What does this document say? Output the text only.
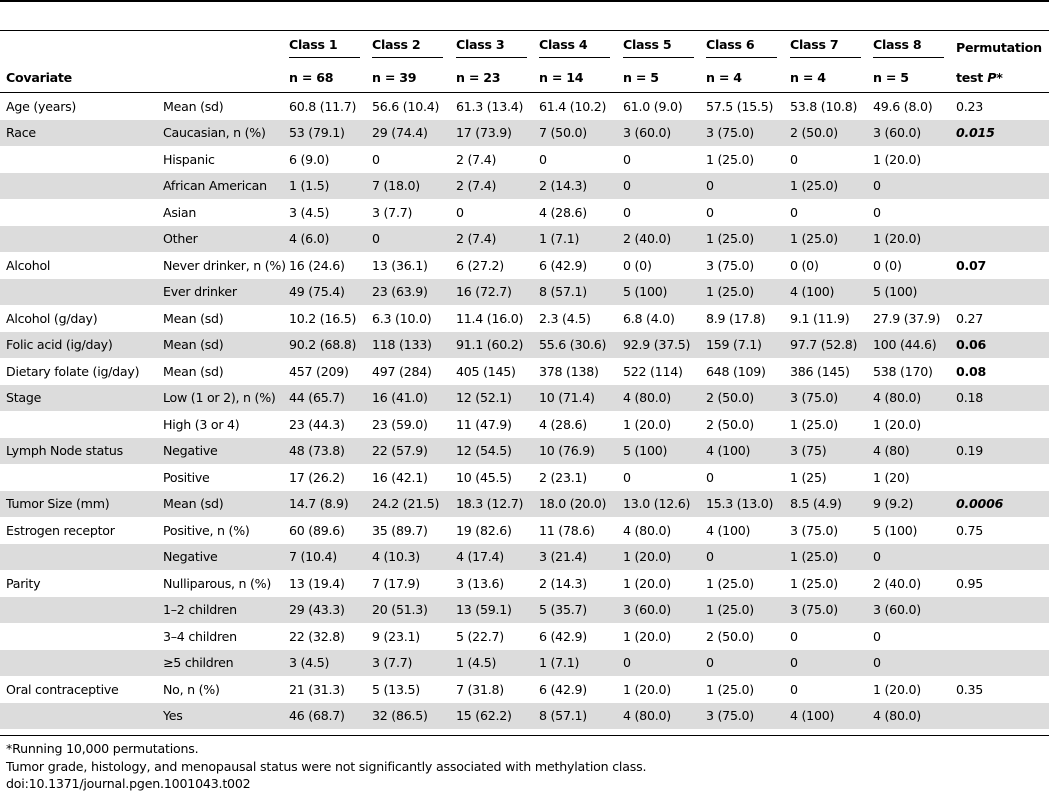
		Class 1	Class 2	Class 3	Class 4	Class 5	Class 6	Class 7	Class 8	Permutation
Covariate		n = 68	n = 39	n = 23	n = 14	n = 5	n = 4	n = 4	n = 5	test P*
Age (years)	Mean (sd)	60.8 (11.7)	56.6 (10.4)	61.3 (13.4)	61.4 (10.2)	61.0 (9.0)	57.5 (15.5)	53.8 (10.8)	49.6 (8.0)	0.23
Race	Caucasian, n (%)	53 (79.1)	29 (74.4)	17 (73.9)	7 (50.0)	3 (60.0)	3 (75.0)	2 (50.0)	3 (60.0)	0.015
	Hispanic	6 (9.0)	0	2 (7.4)	0	0	1 (25.0)	0	1 (20.0)	
	African American	1 (1.5)	7 (18.0)	2 (7.4)	2 (14.3)	0	0	1 (25.0)	0	
	Asian	3 (4.5)	3 (7.7)	0	4 (28.6)	0	0	0	0	
	Other	4 (6.0)	0	2 (7.4)	1 (7.1)	2 (40.0)	1 (25.0)	1 (25.0)	1 (20.0)	
Alcohol	Never drinker, n (%)	16 (24.6)	13 (36.1)	6 (27.2)	6 (42.9)	0 (0)	3 (75.0)	0 (0)	0 (0)	0.07
	Ever drinker	49 (75.4)	23 (63.9)	16 (72.7)	8 (57.1)	5 (100)	1 (25.0)	4 (100)	5 (100)	
Alcohol (g/day)	Mean (sd)	10.2 (16.5)	6.3 (10.0)	11.4 (16.0)	2.3 (4.5)	6.8 (4.0)	8.9 (17.8)	9.1 (11.9)	27.9 (37.9)	0.27
Folic acid (ig/day)	Mean (sd)	90.2 (68.8)	118 (133)	91.1 (60.2)	55.6 (30.6)	92.9 (37.5)	159 (7.1)	97.7 (52.8)	100 (44.6)	0.06
Dietary folate (ig/day)	Mean (sd)	457 (209)	497 (284)	405 (145)	378 (138)	522 (114)	648 (109)	386 (145)	538 (170)	0.08
Stage	Low (1 or 2), n (%)	44 (65.7)	16 (41.0)	12 (52.1)	10 (71.4)	4 (80.0)	2 (50.0)	3 (75.0)	4 (80.0)	0.18
	High (3 or 4)	23 (44.3)	23 (59.0)	11 (47.9)	4 (28.6)	1 (20.0)	2 (50.0)	1 (25.0)	1 (20.0)	
Lymph Node status	Negative	48 (73.8)	22 (57.9)	12 (54.5)	10 (76.9)	5 (100)	4 (100)	3 (75)	4 (80)	0.19
	Positive	17 (26.2)	16 (42.1)	10 (45.5)	2 (23.1)	0	0	1 (25)	1 (20)	
Tumor Size (mm)	Mean (sd)	14.7 (8.9)	24.2 (21.5)	18.3 (12.7)	18.0 (20.0)	13.0 (12.6)	15.3 (13.0)	8.5 (4.9)	9 (9.2)	0.0006
Estrogen receptor	Positive, n (%)	60 (89.6)	35 (89.7)	19 (82.6)	11 (78.6)	4 (80.0)	4 (100)	3 (75.0)	5 (100)	0.75
	Negative	7 (10.4)	4 (10.3)	4 (17.4)	3 (21.4)	1 (20.0)	0	1 (25.0)	0	
Parity	Nulliparous, n (%)	13 (19.4)	7 (17.9)	3 (13.6)	2 (14.3)	1 (20.0)	1 (25.0)	1 (25.0)	2 (40.0)	0.95
	1–2 children	29 (43.3)	20 (51.3)	13 (59.1)	5 (35.7)	3 (60.0)	1 (25.0)	3 (75.0)	3 (60.0)	
	3–4 children	22 (32.8)	9 (23.1)	5 (22.7)	6 (42.9)	1 (20.0)	2 (50.0)	0	0	
	≥5 children	3 (4.5)	3 (7.7)	1 (4.5)	1 (7.1)	0	0	0	0	
Oral contraceptive	No, n (%)	21 (31.3)	5 (13.5)	7 (31.8)	6 (42.9)	1 (20.0)	1 (25.0)	0	1 (20.0)	0.35
	Yes	46 (68.7)	32 (86.5)	15 (62.2)	8 (57.1)	4 (80.0)	3 (75.0)	4 (100)	4 (80.0)	
*Running 10,000 permutations.
Tumor grade, histology, and menopausal status were not significantly associated with methylation class.
doi:10.1371/journal.pgen.1001043.t002
